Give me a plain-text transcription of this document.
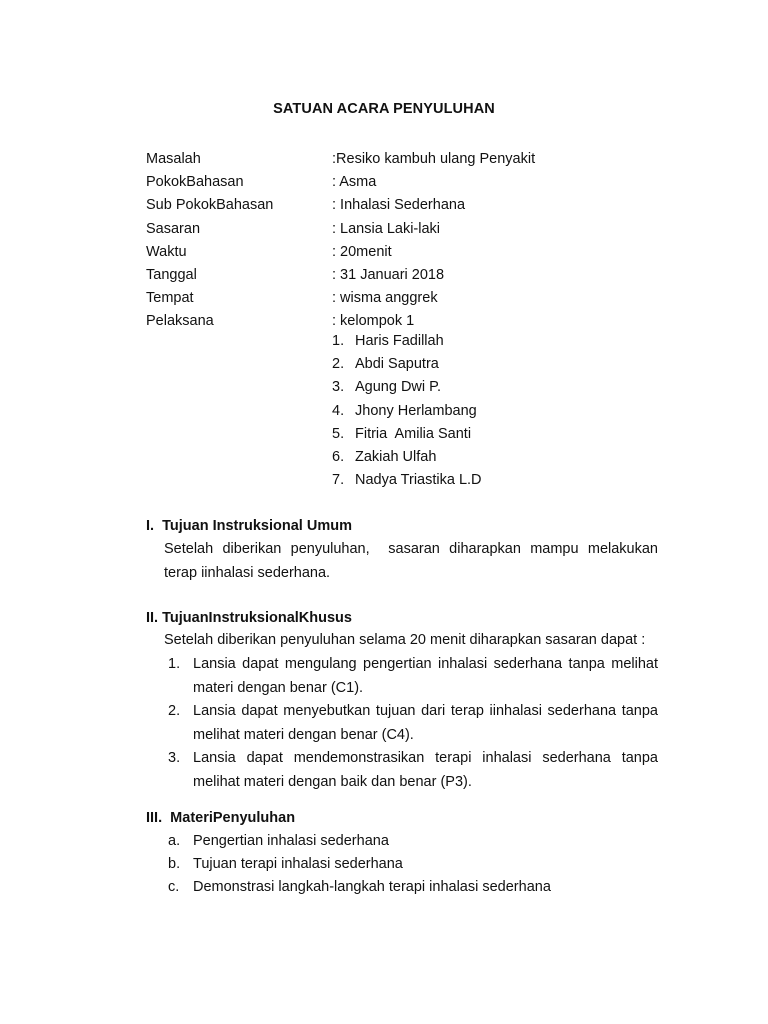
SATUAN ACARA PENYULUHAN
Masalah	:Resiko kambuh ulang Penyakit
PokokBahasan	: Asma
Sub PokokBahasan	: Inhalasi Sederhana
Sasaran	: Lansia Laki-laki
Waktu	: 20menit
Tanggal	: 31 Januari 2018
Tempat	: wisma anggrek
Pelaksana	: kelompok 1
1. Haris Fadillah
2. Abdi Saputra
3. Agung Dwi P.
4. Jhony Herlambang
5. Fitria  Amilia Santi
6. Zakiah Ulfah
7. Nadya Triastika L.D
I.  Tujuan Instruksional Umum
Setelah diberikan penyuluhan,  sasaran diharapkan mampu melakukan terap iinhalasi sederhana.
II. TujuanInstruksionalKhusus
Setelah diberikan penyuluhan selama 20 menit diharapkan sasaran dapat :
1. Lansia dapat mengulang pengertian inhalasi sederhana tanpa melihat materi dengan benar (C1).
2. Lansia dapat menyebutkan tujuan dari terap iinhalasi sederhana tanpa melihat materi dengan benar (C4).
3. Lansia dapat mendemonstrasikan terapi inhalasi sederhana tanpa melihat materi dengan baik dan benar (P3).
III.  MateriPenyuluhan
a. Pengertian inhalasi sederhana
b. Tujuan terapi inhalasi sederhana
c. Demonstrasi langkah-langkah terapi inhalasi sederhana
